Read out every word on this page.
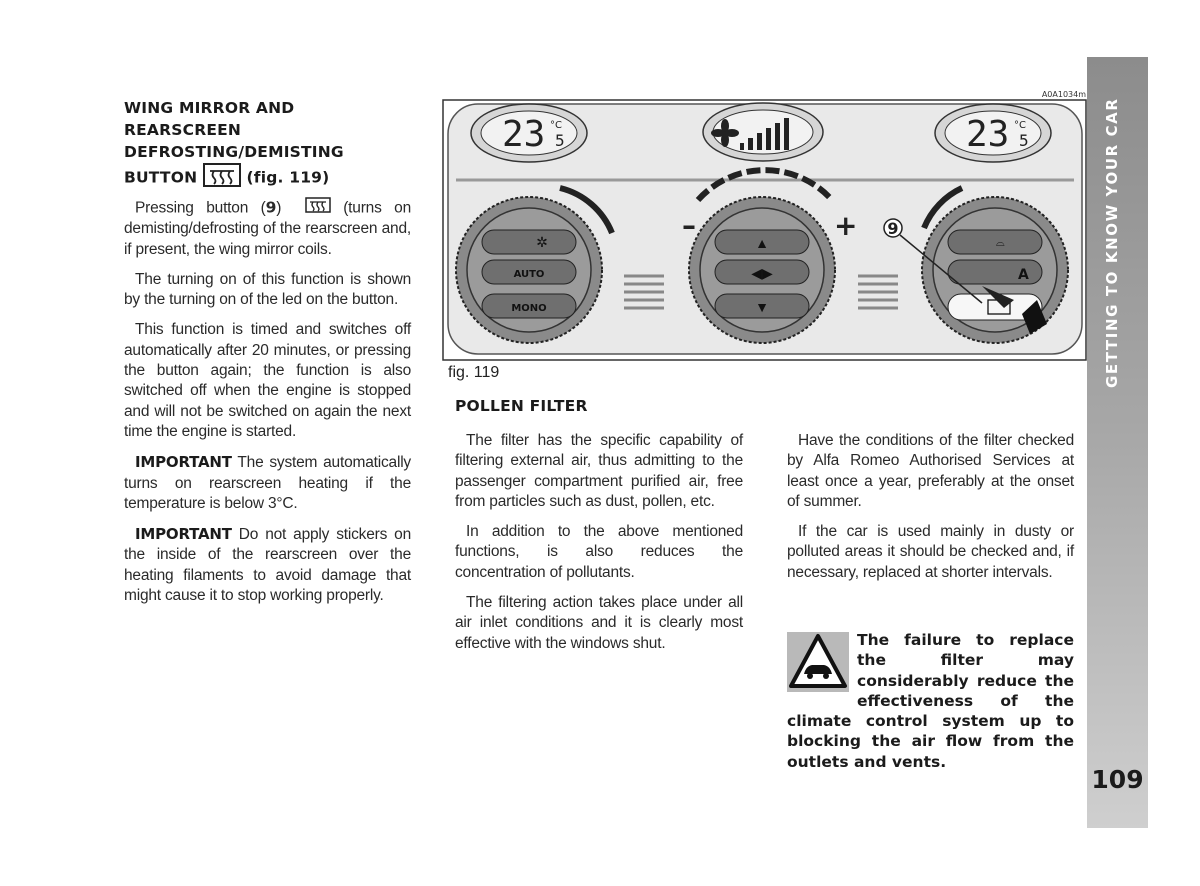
WING MIRROR AND
REARSCREEN
DEFROSTING/DEMISTING
BUTTON	(fig. 119)

Pressing button (9)	(turns on demisting/defrosting of the rearscreen and, if present, the wing mirror coils.

The turning on of this function is shown by the turning on of the led on the button.

This function is timed and switches off automatically after 20 minutes, or pressing the button again; the function is also switched off when the engine is stopped and will not be switched on again the next time the engine is started.

IMPORTANT The system automatically turns on rearscreen heating if the temperature is below 3°C.

IMPORTANT Do not apply stickers on the inside of the rearscreen over the heating filaments to avoid damage that might cause it to stop working properly.

A0A1034m
23 5
°C	23 5
°C
✲
AUTO
MONO
–	+
▲
◀▶
▼
⌓
A
9
fig. 119
POLLEN FILTER

The filter has the specific capability of filtering external air, thus admitting to the passenger compartment purified air, free from particles such as dust, pollen, etc.

In addition to the above mentioned functions, is also reduces the concentration of pollutants.

The filtering action takes place under all air inlet conditions and it is clearly most effective with the windows shut.

Have the conditions of the filter checked by Alfa Romeo Authorised Services at least once a year, preferably at the onset of summer.

If the car is used mainly in dusty or polluted areas it should be checked and, if necessary, replaced at shorter intervals.

The failure to replace the filter may considerably reduce the effectiveness of the climate control system up to blocking the air flow from the outlets and vents.
GETTING TO KNOW YOUR CAR
109
